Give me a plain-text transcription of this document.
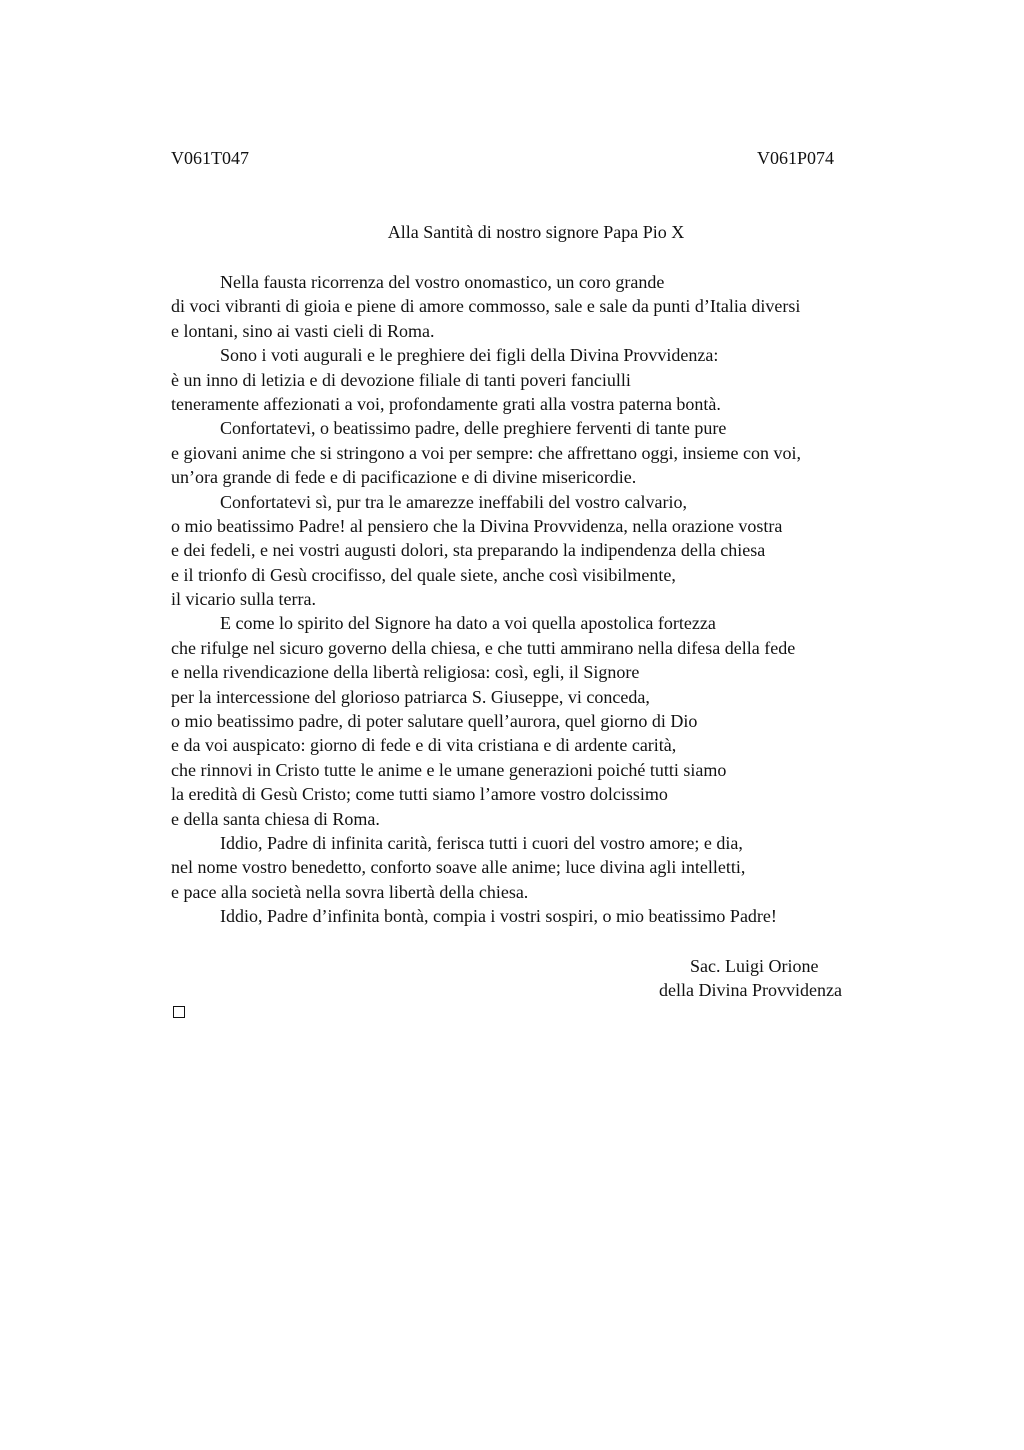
V061T047	V061P074
Alla Santità di nostro signore Papa Pio X
Nella fausta ricorrenza del vostro onomastico, un coro grande
di voci vibranti di gioia e piene di amore commosso, sale e sale da punti d’Italia diversi
e lontani, sino ai vasti cieli di Roma.
Sono i voti augurali e le preghiere dei figli della Divina Provvidenza:
è un inno di letizia e di devozione filiale di tanti poveri fanciulli
teneramente affezionati a voi, profondamente grati alla vostra paterna bontà.
Confortatevi, o beatissimo padre, delle preghiere ferventi di tante pure
e giovani anime che si stringono a voi per sempre: che affrettano oggi, insieme con voi,
un’ora grande di fede e di pacificazione e di divine misericordie.
Confortatevi sì, pur tra le amarezze ineffabili del vostro calvario,
o mio beatissimo Padre! al pensiero che la Divina Provvidenza, nella orazione vostra
e dei fedeli, e nei vostri augusti dolori, sta preparando la indipendenza della chiesa
e il trionfo di Gesù crocifisso, del quale siete, anche così visibilmente,
il vicario sulla terra.
E come lo spirito del Signore ha dato a voi quella apostolica fortezza
che rifulge nel sicuro governo della chiesa, e che tutti ammirano nella difesa della fede
e nella rivendicazione della libertà religiosa: così, egli, il Signore
per la intercessione del glorioso patriarca S. Giuseppe, vi conceda,
o mio beatissimo padre, di poter salutare quell’aurora, quel giorno di Dio
e da voi auspicato: giorno di fede e di vita cristiana e di ardente carità,
che rinnovi in Cristo tutte le anime e le umane generazioni poiché tutti siamo
la eredità di Gesù Cristo; come tutti siamo l’amore vostro dolcissimo
e della santa chiesa di Roma.
Iddio, Padre di infinita carità, ferisca tutti i cuori del vostro amore; e dia,
nel nome vostro benedetto, conforto soave alle anime; luce divina agli intelletti,
e pace alla società nella sovra libertà della chiesa.
Iddio, Padre d’infinita bontà, compia i vostri sospiri, o mio beatissimo Padre!
Sac. Luigi Orione
della Divina Provvidenza
